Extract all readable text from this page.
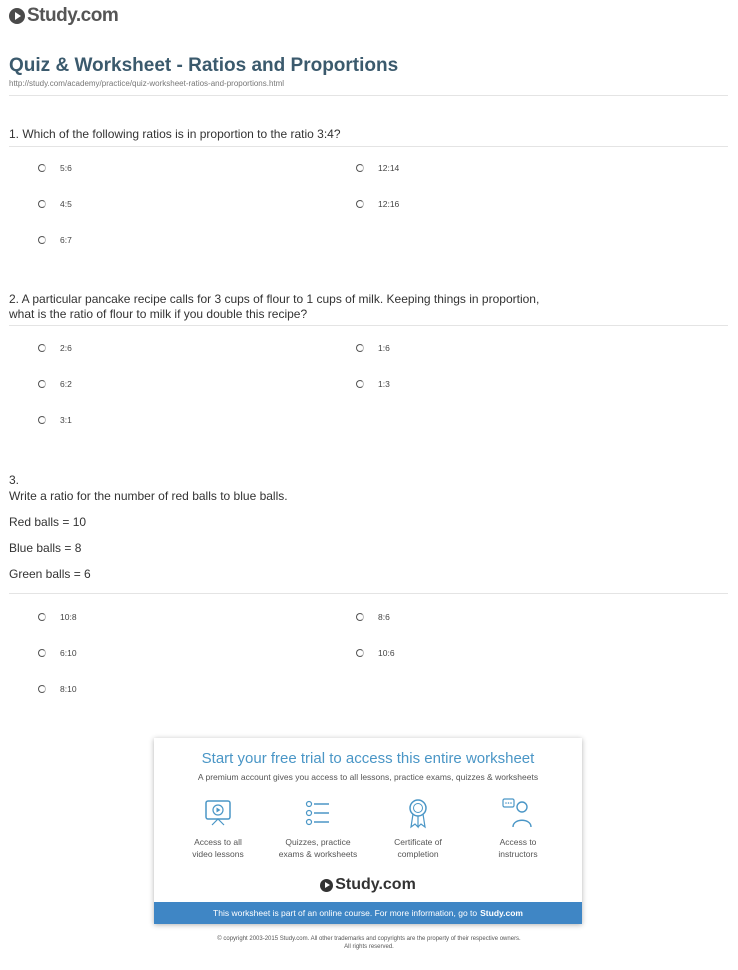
Study.com
Quiz & Worksheet - Ratios and Proportions
http://study.com/academy/practice/quiz-worksheet-ratios-and-proportions.html
1. Which of the following ratios is in proportion to the ratio 3:4?
5:6	12:14
4:5	12:16
6:7
2. A particular pancake recipe calls for 3 cups of flour to 1 cups of milk. Keeping things in proportion,
what is the ratio of flour to milk if you double this recipe?
2:6	1:6
6:2	1:3
3:1
3.
Write a ratio for the number of red balls to blue balls.
Red balls = 10
Blue balls = 8
Green balls = 6
10:8	8:6
6:10	10:6
8:10
Start your free trial to access this entire worksheet
A premium account gives you access to all lessons, practice exams, quizzes & worksheets
Access to all
video lessons
Quizzes, practice
exams & worksheets
Certificate of
completion
Access to
instructors
Study.com
This worksheet is part of an online course. For more information, go to Study.com
© copyright 2003-2015 Study.com. All other trademarks and copyrights are the property of their respective owners.
All rights reserved.
